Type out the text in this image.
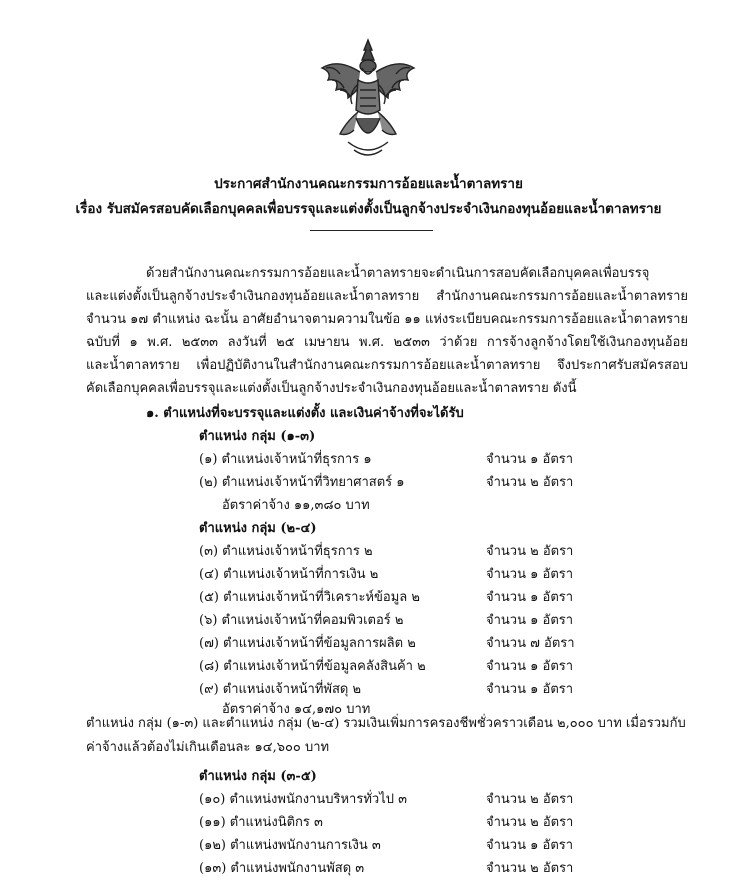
ประกาศสำนักงานคณะกรรมการอ้อยและน้ำตาลทราย
เรื่อง รับสมัครสอบคัดเลือกบุคคลเพื่อบรรจุและแต่งตั้งเป็นลูกจ้างประจำเงินกองทุนอ้อยและน้ำตาลทราย
ด้วยสำนักงานคณะกรรมการอ้อยและน้ำตาลทรายจะดำเนินการสอบคัดเลือกบุคคลเพื่อบรรจุ
และแต่งตั้งเป็นลูกจ้างประจำเงินกองทุนอ้อยและน้ำตาลทราย สำนักงานคณะกรรมการอ้อยและน้ำตาลทราย
จำนวน ๑๗ ตำแหน่ง ฉะนั้น อาศัยอำนาจตามความในข้อ ๑๑ แห่งระเบียบคณะกรรมการอ้อยและน้ำตาลทราย
ฉบับที่ ๑ พ.ศ. ๒๕๓๓ ลงวันที่ ๒๕ เมษายน พ.ศ. ๒๕๓๓ ว่าด้วย การจ้างลูกจ้างโดยใช้เงินกองทุนอ้อย
และน้ำตาลทราย เพื่อปฏิบัติงานในสำนักงานคณะกรรมการอ้อยและน้ำตาลทราย จึงประกาศรับสมัครสอบ
คัดเลือกบุคคลเพื่อบรรจุและแต่งตั้งเป็นลูกจ้างประจำเงินกองทุนอ้อยและน้ำตาลทราย ดังนี้
๑. ตำแหน่งที่จะบรรจุและแต่งตั้ง และเงินค่าจ้างที่จะได้รับ
ตำแหน่ง กลุ่ม (๑-๓)
(๑) ตำแหน่งเจ้าหน้าที่ธุรการ ๑	จำนวน ๑ อัตรา
(๒) ตำแหน่งเจ้าหน้าที่วิทยาศาสตร์ ๑	จำนวน ๒ อัตรา
อัตราค่าจ้าง ๑๑,๓๘๐ บาท
ตำแหน่ง กลุ่ม (๒-๔)
(๓) ตำแหน่งเจ้าหน้าที่ธุรการ ๒	จำนวน ๒ อัตรา
(๔) ตำแหน่งเจ้าหน้าที่การเงิน ๒	จำนวน ๑ อัตรา
(๕) ตำแหน่งเจ้าหน้าที่วิเคราะห์ข้อมูล ๒	จำนวน ๑ อัตรา
(๖) ตำแหน่งเจ้าหน้าที่คอมพิวเตอร์ ๒	จำนวน ๑ อัตรา
(๗) ตำแหน่งเจ้าหน้าที่ข้อมูลการผลิต ๒	จำนวน ๗ อัตรา
(๘) ตำแหน่งเจ้าหน้าที่ข้อมูลคลังสินค้า ๒	จำนวน ๑ อัตรา
(๙) ตำแหน่งเจ้าหน้าที่พัสดุ ๒	จำนวน ๑ อัตรา
อัตราค่าจ้าง ๑๔,๑๗๐ บาท
ตำแหน่ง กลุ่ม (๑-๓) และตำแหน่ง กลุ่ม (๒-๔) รวมเงินเพิ่มการครองชีพชั่วคราวเดือน ๒,๐๐๐ บาท เมื่อรวมกับ
ค่าจ้างแล้วต้องไม่เกินเดือนละ ๑๔,๖๐๐ บาท
ตำแหน่ง กลุ่ม (๓-๕)
(๑๐) ตำแหน่งพนักงานบริหารทั่วไป ๓	จำนวน ๒ อัตรา
(๑๑) ตำแหน่งนิติกร ๓	จำนวน ๒ อัตรา
(๑๒) ตำแหน่งพนักงานการเงิน ๓	จำนวน ๑ อัตรา
(๑๓) ตำแหน่งพนักงานพัสดุ ๓	จำนวน ๒ อัตรา
